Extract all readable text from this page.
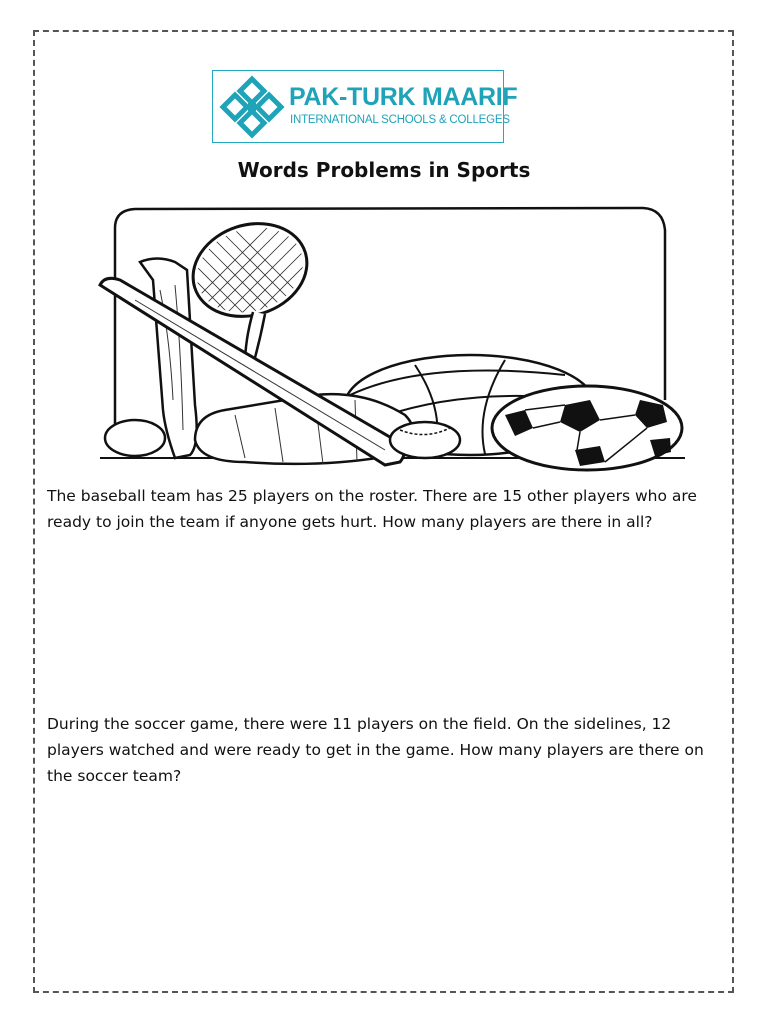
PAK-TURK MAARIF
INTERNATIONAL SCHOOLS & COLLEGES
Words Problems in Sports
The baseball team has 25 players on the roster. There are 15 other players who are ready to join the team if anyone gets hurt. How many players are there in all?
During the soccer game, there were 11 players on the field. On the sidelines, 12 players watched and were ready to get in the game. How many players are there on the soccer team?
